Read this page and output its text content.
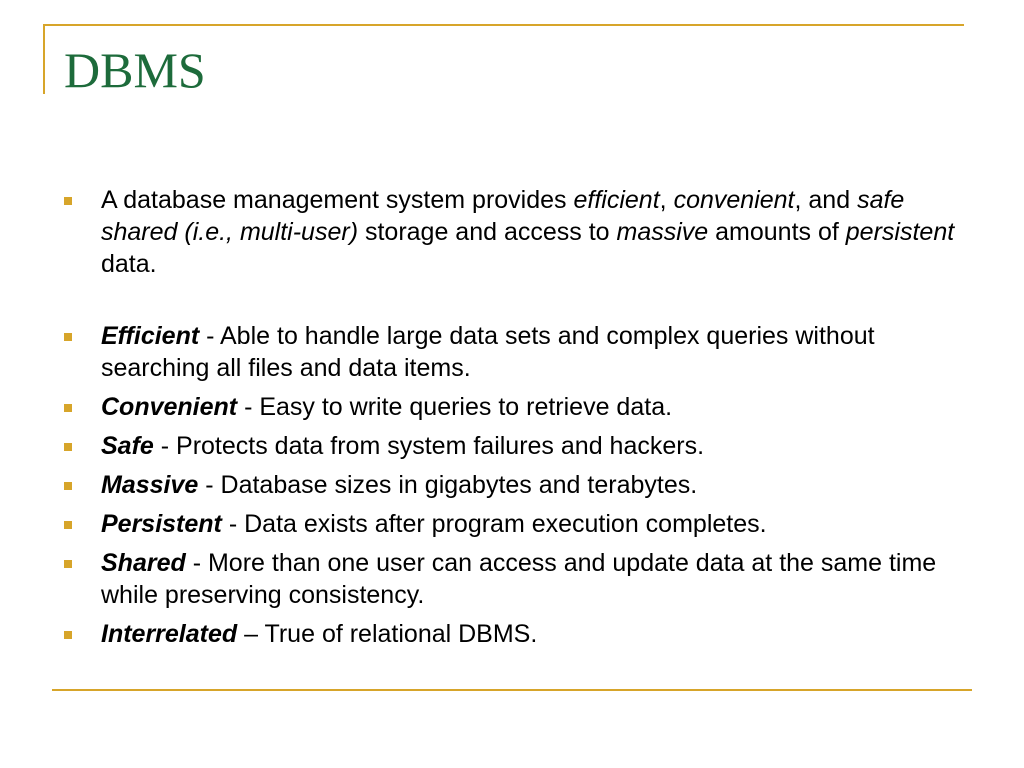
DBMS
A database management system provides efficient, convenient, and safe shared (i.e., multi-user) storage and access to massive amounts of persistent data.
Efficient - Able to handle large data sets and complex queries without searching all files and data items.
Convenient - Easy to write queries to retrieve data.
Safe - Protects data from system failures and hackers.
Massive - Database sizes in gigabytes and terabytes.
Persistent - Data exists after program execution completes.
Shared - More than one user can access and update data at the same time while preserving consistency.
Interrelated – True of relational DBMS.
